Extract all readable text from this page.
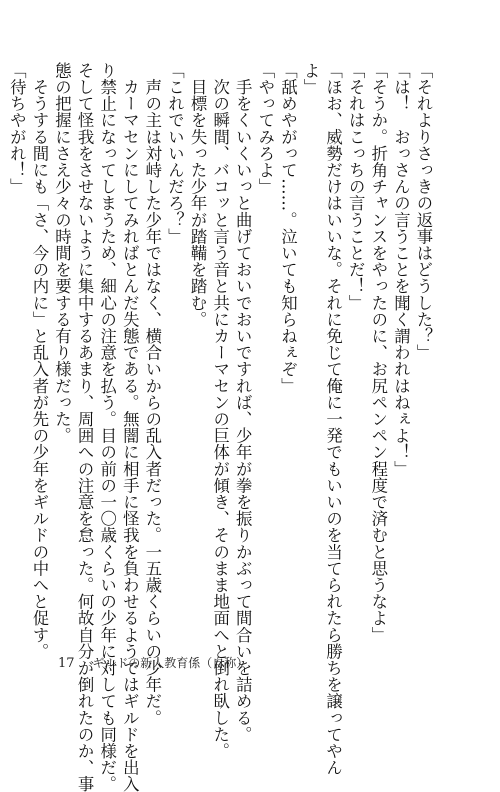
「それよりさっきの返事はどうした？」
「は！　おっさんの言うことを聞く謂われはねぇよ！」
「そうか。折角チャンスをやったのに、お尻ペンペン程度で済むと思うなよ」
「それはこっちの言うことだ！」
「ほお、威勢だけはいいな。それに免じて俺に一発でもいいのを当てられたら勝ちを譲ってやん
よ」
「舐めやがって……。泣いても知らねぇぞ」
「やってみろよ」
　手をくいくいっと曲げておいでおいですれば、少年が拳を振りかぶって間合いを詰める。
　次の瞬間、バコッと言う音と共にカーマセンの巨体が傾き、そのまま地面へと倒れ臥した。
　目標を失った少年が踏鞴を踏む。
「これでいいんだろ？」
　声の主は対峙した少年ではなく、横合いからの乱入者だった。一五歳くらいの少年だ。
　カーマセンにしてみればとんだ失態である。無闇に相手に怪我を負わせるようではギルドを出入
り禁止になってしまうため、細心の注意を払う。目の前の一〇歳くらいの少年に対しても同様だ。
そして怪我をさせないように集中するあまり、周囲への注意を怠った。何故自分が倒れたのか、事
態の把握にさえ少々の時間を要する有り様だった。
　そうする間にも「さ、今の内に」と乱入者が先の少年をギルドの中へと促す。
「待ちやがれ！」
17 ギルドの新人教育係（自称）
